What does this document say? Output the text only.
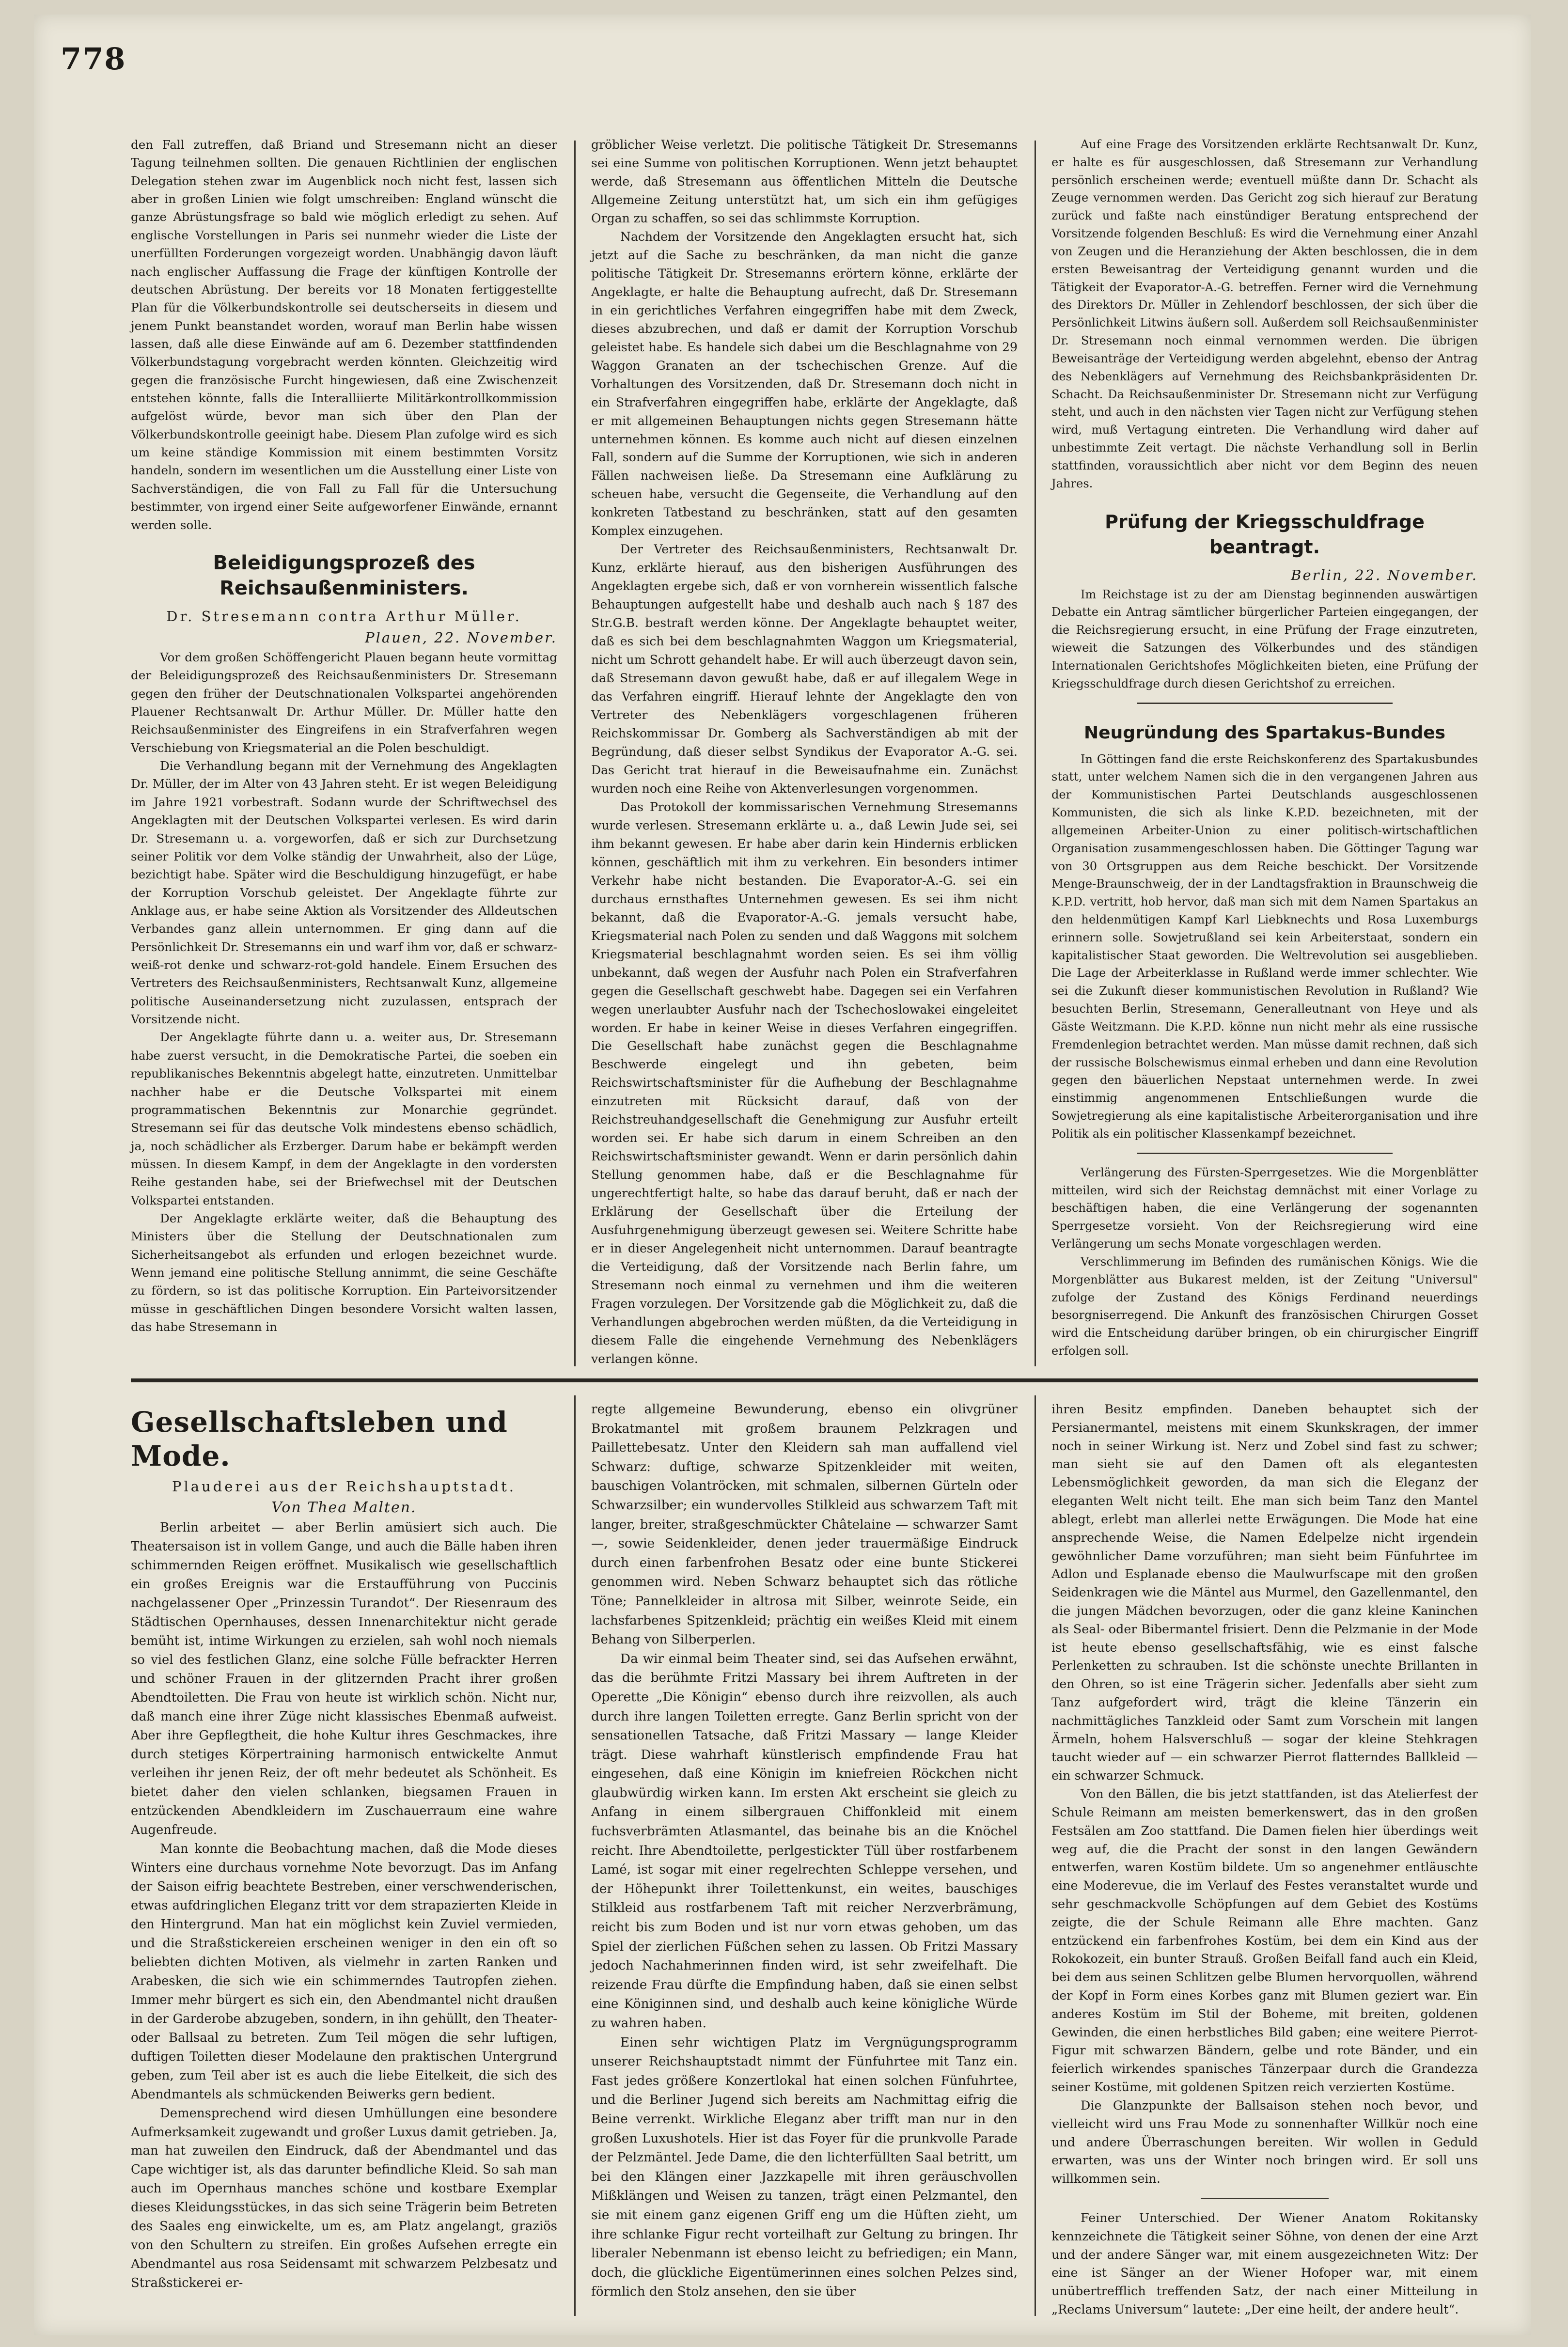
778

den Fall zutreffen, daß Briand und Stresemann nicht an dieser Tagung teilnehmen sollten. Die genauen Richtlinien der englischen Delegation stehen zwar im Augenblick noch nicht fest, lassen sich aber in großen Linien wie folgt umschreiben: England wünscht die ganze Abrüstungsfrage so bald wie möglich erledigt zu sehen. Auf englische Vorstellungen in Paris sei nunmehr wieder die Liste der unerfüllten Forderungen vorgezeigt worden. Unabhängig davon läuft nach englischer Auffassung die Frage der künftigen Kontrolle der deutschen Abrüstung. Der bereits vor 18 Monaten fertiggestellte Plan für die Völkerbundskontrolle sei deutscherseits in diesem und jenem Punkt beanstandet worden, worauf man Berlin habe wissen lassen, daß alle diese Einwände auf am 6. Dezember stattfindenden Völkerbundstagung vorgebracht werden könnten. Gleichzeitig wird gegen die französische Furcht hingewiesen, daß eine Zwischenzeit entstehen könnte, falls die Interalliierte Militärkontrollkommission aufgelöst würde, bevor man sich über den Plan der Völkerbundskontrolle geeinigt habe. Diesem Plan zufolge wird es sich um keine ständige Kommission mit einem bestimmten Vorsitz handeln, sondern im wesentlichen um die Ausstellung einer Liste von Sachverständigen, die von Fall zu Fall für die Untersuchung bestimmter, von irgend einer Seite aufgeworfener Einwände, ernannt werden solle.

Beleidigungsprozeß des Reichsaußenministers.
Dr. Stresemann contra Arthur Müller.
Plauen, 22. November.

Vor dem großen Schöffengericht Plauen begann heute vormittag der Beleidigungsprozeß des Reichsaußenministers Dr. Stresemann gegen den früher der Deutschnationalen Volkspartei angehörenden Plauener Rechtsanwalt Dr. Arthur Müller. Dr. Müller hatte den Reichsaußenminister des Eingreifens in ein Strafverfahren wegen Verschiebung von Kriegsmaterial an die Polen beschuldigt.

Die Verhandlung begann mit der Vernehmung des Angeklagten Dr. Müller, der im Alter von 43 Jahren steht. Er ist wegen Beleidigung im Jahre 1921 vorbestraft. Sodann wurde der Schriftwechsel des Angeklagten mit der Deutschen Volkspartei verlesen. Es wird darin Dr. Stresemann u. a. vorgeworfen, daß er sich zur Durchsetzung seiner Politik vor dem Volke ständig der Unwahrheit, also der Lüge, bezichtigt habe. Später wird die Beschuldigung hinzugefügt, er habe der Korruption Vorschub geleistet. Der Angeklagte führte zur Anklage aus, er habe seine Aktion als Vorsitzender des Alldeutschen Verbandes ganz allein unternommen. Er ging dann auf die Persönlichkeit Dr. Stresemanns ein und warf ihm vor, daß er schwarz-weiß-rot denke und schwarz-rot-gold handele. Einem Ersuchen des Vertreters des Reichsaußenministers, Rechtsanwalt Kunz, allgemeine politische Auseinandersetzung nicht zuzulassen, entsprach der Vorsitzende nicht.

Der Angeklagte führte dann u. a. weiter aus, Dr. Stresemann habe zuerst versucht, in die Demokratische Partei, die soeben ein republikanisches Bekenntnis abgelegt hatte, einzutreten. Unmittelbar nachher habe er die Deutsche Volkspartei mit einem programmatischen Bekenntnis zur Monarchie gegründet. Stresemann sei für das deutsche Volk mindestens ebenso schädlich, ja, noch schädlicher als Erzberger. Darum habe er bekämpft werden müssen. In diesem Kampf, in dem der Angeklagte in den vordersten Reihe gestanden habe, sei der Briefwechsel mit der Deutschen Volkspartei entstanden.

Der Angeklagte erklärte weiter, daß die Behauptung des Ministers über die Stellung der Deutschnationalen zum Sicherheitsangebot als erfunden und erlogen bezeichnet wurde. Wenn jemand eine politische Stellung annimmt, die seine Geschäfte zu fördern, so ist das politische Korruption. Ein Parteivorsitzender müsse in geschäftlichen Dingen besondere Vorsicht walten lassen, das habe Stresemann in

gröblicher Weise verletzt. Die politische Tätigkeit Dr. Stresemanns sei eine Summe von politischen Korruptionen. Wenn jetzt behauptet werde, daß Stresemann aus öffentlichen Mitteln die Deutsche Allgemeine Zeitung unterstützt hat, um sich ein ihm gefügiges Organ zu schaffen, so sei das schlimmste Korruption.

Nachdem der Vorsitzende den Angeklagten ersucht hat, sich jetzt auf die Sache zu beschränken, da man nicht die ganze politische Tätigkeit Dr. Stresemanns erörtern könne, erklärte der Angeklagte, er halte die Behauptung aufrecht, daß Dr. Stresemann in ein gerichtliches Verfahren eingegriffen habe mit dem Zweck, dieses abzubrechen, und daß er damit der Korruption Vorschub geleistet habe. Es handele sich dabei um die Beschlagnahme von 29 Waggon Granaten an der tschechischen Grenze. Auf die Vorhaltungen des Vorsitzenden, daß Dr. Stresemann doch nicht in ein Strafverfahren eingegriffen habe, erklärte der Angeklagte, daß er mit allgemeinen Behauptungen nichts gegen Stresemann hätte unternehmen können. Es komme auch nicht auf diesen einzelnen Fall, sondern auf die Summe der Korruptionen, wie sich in anderen Fällen nachweisen ließe. Da Stresemann eine Aufklärung zu scheuen habe, versucht die Gegenseite, die Verhandlung auf den konkreten Tatbestand zu beschränken, statt auf den gesamten Komplex einzugehen.

Der Vertreter des Reichsaußenministers, Rechtsanwalt Dr. Kunz, erklärte hierauf, aus den bisherigen Ausführungen des Angeklagten ergebe sich, daß er von vornherein wissentlich falsche Behauptungen aufgestellt habe und deshalb auch nach § 187 des Str.G.B. bestraft werden könne. Der Angeklagte behauptet weiter, daß es sich bei dem beschlagnahmten Waggon um Kriegsmaterial, nicht um Schrott gehandelt habe. Er will auch überzeugt davon sein, daß Stresemann davon gewußt habe, daß er auf illegalem Wege in das Verfahren eingriff. Hierauf lehnte der Angeklagte den von Vertreter des Nebenklägers vorgeschlagenen früheren Reichskommissar Dr. Gomberg als Sachverständigen ab mit der Begründung, daß dieser selbst Syndikus der Evaporator A.-G. sei. Das Gericht trat hierauf in die Beweisaufnahme ein. Zunächst wurden noch eine Reihe von Aktenverlesungen vorgenommen.

Das Protokoll der kommissarischen Vernehmung Stresemanns wurde verlesen. Stresemann erklärte u. a., daß Lewin Jude sei, sei ihm bekannt gewesen. Er habe aber darin kein Hindernis erblicken können, geschäftlich mit ihm zu verkehren. Ein besonders intimer Verkehr habe nicht bestanden. Die Evaporator-A.-G. sei ein durchaus ernsthaftes Unternehmen gewesen. Es sei ihm nicht bekannt, daß die Evaporator-A.-G. jemals versucht habe, Kriegsmaterial nach Polen zu senden und daß Waggons mit solchem Kriegsmaterial beschlagnahmt worden seien. Es sei ihm völlig unbekannt, daß wegen der Ausfuhr nach Polen ein Strafverfahren gegen die Gesellschaft geschwebt habe. Dagegen sei ein Verfahren wegen unerlaubter Ausfuhr nach der Tschechoslowakei eingeleitet worden. Er habe in keiner Weise in dieses Verfahren eingegriffen. Die Gesellschaft habe zunächst gegen die Beschlagnahme Beschwerde eingelegt und ihn gebeten, beim Reichswirtschaftsminister für die Aufhebung der Beschlagnahme einzutreten mit Rücksicht darauf, daß von der Reichstreuhandgesellschaft die Genehmigung zur Ausfuhr erteilt worden sei. Er habe sich darum in einem Schreiben an den Reichswirtschaftsminister gewandt. Wenn er darin persönlich dahin Stellung genommen habe, daß er die Beschlagnahme für ungerechtfertigt halte, so habe das darauf beruht, daß er nach der Erklärung der Gesellschaft über die Erteilung der Ausfuhrgenehmigung überzeugt gewesen sei. Weitere Schritte habe er in dieser Angelegenheit nicht unternommen. Darauf beantragte die Verteidigung, daß der Vorsitzende nach Berlin fahre, um Stresemann noch einmal zu vernehmen und ihm die weiteren Fragen vorzulegen. Der Vorsitzende gab die Möglichkeit zu, daß die Verhandlungen abgebrochen werden müßten, da die Verteidigung in diesem Falle die eingehende Vernehmung des Nebenklägers verlangen könne.

Auf eine Frage des Vorsitzenden erklärte Rechtsanwalt Dr. Kunz, er halte es für ausgeschlossen, daß Stresemann zur Verhandlung persönlich erscheinen werde; eventuell müßte dann Dr. Schacht als Zeuge vernommen werden. Das Gericht zog sich hierauf zur Beratung zurück und faßte nach einstündiger Beratung entsprechend der Vorsitzende folgenden Beschluß: Es wird die Vernehmung einer Anzahl von Zeugen und die Heranziehung der Akten beschlossen, die in dem ersten Beweisantrag der Verteidigung genannt wurden und die Tätigkeit der Evaporator-A.-G. betreffen. Ferner wird die Vernehmung des Direktors Dr. Müller in Zehlendorf beschlossen, der sich über die Persönlichkeit Litwins äußern soll. Außerdem soll Reichsaußenminister Dr. Stresemann noch einmal vernommen werden. Die übrigen Beweisanträge der Verteidigung werden abgelehnt, ebenso der Antrag des Nebenklägers auf Vernehmung des Reichsbankpräsidenten Dr. Schacht. Da Reichsaußenminister Dr. Stresemann nicht zur Verfügung steht, und auch in den nächsten vier Tagen nicht zur Verfügung stehen wird, muß Vertagung eintreten. Die Verhandlung wird daher auf unbestimmte Zeit vertagt. Die nächste Verhandlung soll in Berlin stattfinden, voraussichtlich aber nicht vor dem Beginn des neuen Jahres.

Prüfung der Kriegsschuldfrage beantragt.
Berlin, 22. November.

Im Reichstage ist zu der am Dienstag beginnenden auswärtigen Debatte ein Antrag sämtlicher bürgerlicher Parteien eingegangen, der die Reichsregierung ersucht, in eine Prüfung der Frage einzutreten, wieweit die Satzungen des Völkerbundes und des ständigen Internationalen Gerichtshofes Möglichkeiten bieten, eine Prüfung der Kriegsschuldfrage durch diesen Gerichtshof zu erreichen.

Neugründung des Spartakus-Bundes

In Göttingen fand die erste Reichskonferenz des Spartakusbundes statt, unter welchem Namen sich die in den vergangenen Jahren aus der Kommunistischen Partei Deutschlands ausgeschlossenen Kommunisten, die sich als linke K.P.D. bezeichneten, mit der allgemeinen Arbeiter-Union zu einer politisch-wirtschaftlichen Organisation zusammengeschlossen haben. Die Göttinger Tagung war von 30 Ortsgruppen aus dem Reiche beschickt. Der Vorsitzende Menge-Braunschweig, der in der Landtagsfraktion in Braunschweig die K.P.D. vertritt, hob hervor, daß man sich mit dem Namen Spartakus an den heldenmütigen Kampf Karl Liebknechts und Rosa Luxemburgs erinnern solle. Sowjetrußland sei kein Arbeiterstaat, sondern ein kapitalistischer Staat geworden. Die Weltrevolution sei ausgeblieben. Die Lage der Arbeiterklasse in Rußland werde immer schlechter. Wie sei die Zukunft dieser kommunistischen Revolution in Rußland? Wie besuchten Berlin, Stresemann, Generalleutnant von Heye und als Gäste Weitzmann. Die K.P.D. könne nun nicht mehr als eine russische Fremdenlegion betrachtet werden. Man müsse damit rechnen, daß sich der russische Bolschewismus einmal erheben und dann eine Revolution gegen den bäuerlichen Nepstaat unternehmen werde. In zwei einstimmig angenommenen Entschließungen wurde die Sowjetregierung als eine kapitalistische Arbeiterorganisation und ihre Politik als ein politischer Klassenkampf bezeichnet.

Verlängerung des Fürsten-Sperrgesetzes. Wie die Morgenblätter mitteilen, wird sich der Reichstag demnächst mit einer Vorlage zu beschäftigen haben, die eine Verlängerung der sogenannten Sperrgesetze vorsieht. Von der Reichsregierung wird eine Verlängerung um sechs Monate vorgeschlagen werden.

Verschlimmerung im Befinden des rumänischen Königs. Wie die Morgenblätter aus Bukarest melden, ist der Zeitung "Universul" zufolge der Zustand des Königs Ferdinand neuerdings besorgniserregend. Die Ankunft des französischen Chirurgen Gosset wird die Entscheidung darüber bringen, ob ein chirurgischer Eingriff erfolgen soll.

Gesellschaftsleben und Mode.
Plauderei aus der Reichshauptstadt.
Von Thea Malten.

Berlin arbeitet — aber Berlin amüsiert sich auch. Die Theatersaison ist in vollem Gange, und auch die Bälle haben ihren schimmernden Reigen eröffnet. Musikalisch wie gesellschaftlich ein großes Ereignis war die Erstaufführung von Puccinis nachgelassener Oper „Prinzessin Turandot“. Der Riesenraum des Städtischen Opernhauses, dessen Innenarchitektur nicht gerade bemüht ist, intime Wirkungen zu erzielen, sah wohl noch niemals so viel des festlichen Glanz, eine solche Fülle befrackter Herren und schöner Frauen in der glitzernden Pracht ihrer großen Abendtoiletten. Die Frau von heute ist wirklich schön. Nicht nur, daß manch eine ihrer Züge nicht klassisches Ebenmaß aufweist. Aber ihre Gepflegtheit, die hohe Kultur ihres Geschmackes, ihre durch stetiges Körpertraining harmonisch entwickelte Anmut verleihen ihr jenen Reiz, der oft mehr bedeutet als Schönheit. Es bietet daher den vielen schlanken, biegsamen Frauen in entzückenden Abendkleidern im Zuschauerraum eine wahre Augenfreude.

Man konnte die Beobachtung machen, daß die Mode dieses Winters eine durchaus vornehme Note bevorzugt. Das im Anfang der Saison eifrig beachtete Bestreben, einer verschwenderischen, etwas aufdringlichen Eleganz tritt vor dem strapazierten Kleide in den Hintergrund. Man hat ein möglichst kein Zuviel vermieden, und die Straßstickereien erscheinen weniger in den ein oft so beliebten dichten Motiven, als vielmehr in zarten Ranken und Arabesken, die sich wie ein schimmerndes Tautropfen ziehen. Immer mehr bürgert es sich ein, den Abendmantel nicht draußen in der Garderobe abzugeben, sondern, in ihn gehüllt, den Theater- oder Ballsaal zu betreten. Zum Teil mögen die sehr luftigen, duftigen Toiletten dieser Modelaune den praktischen Untergrund geben, zum Teil aber ist es auch die liebe Eitelkeit, die sich des Abendmantels als schmückenden Beiwerks gern bedient.

Demensprechend wird diesen Umhüllungen eine besondere Aufmerksamkeit zugewandt und großer Luxus damit getrieben. Ja, man hat zuweilen den Eindruck, daß der Abendmantel und das Cape wichtiger ist, als das darunter befindliche Kleid. So sah man auch im Opernhaus manches schöne und kostbare Exemplar dieses Kleidungsstückes, in das sich seine Trägerin beim Betreten des Saales eng einwickelte, um es, am Platz angelangt, graziös von den Schultern zu streifen. Ein großes Aufsehen erregte ein Abendmantel aus rosa Seidensamt mit schwarzem Pelzbesatz und Straßstickerei er-

regte allgemeine Bewunderung, ebenso ein olivgrüner Brokatmantel mit großem braunem Pelzkragen und Paillettebesatz. Unter den Kleidern sah man auffallend viel Schwarz: duftige, schwarze Spitzenkleider mit weiten, bauschigen Volantröcken, mit schmalen, silbernen Gürteln oder Schwarzsilber; ein wundervolles Stilkleid aus schwarzem Taft mit langer, breiter, straßgeschmückter Châtelaine — schwarzer Samt —, sowie Seidenkleider, denen jeder trauermäßige Eindruck durch einen farbenfrohen Besatz oder eine bunte Stickerei genommen wird. Neben Schwarz behauptet sich das rötliche Töne; Pannelkleider in altrosa mit Silber, weinrote Seide, ein lachsfarbenes Spitzenkleid; prächtig ein weißes Kleid mit einem Behang von Silberperlen.

Da wir einmal beim Theater sind, sei das Aufsehen erwähnt, das die berühmte Fritzi Massary bei ihrem Auftreten in der Operette „Die Königin“ ebenso durch ihre reizvollen, als auch durch ihre langen Toiletten erregte. Ganz Berlin spricht von der sensationellen Tatsache, daß Fritzi Massary — lange Kleider trägt. Diese wahrhaft künstlerisch empfindende Frau hat eingesehen, daß eine Königin im kniefreien Röckchen nicht glaubwürdig wirken kann. Im ersten Akt erscheint sie gleich zu Anfang in einem silbergrauen Chiffonkleid mit einem fuchsverbrämten Atlasmantel, das beinahe bis an die Knöchel reicht. Ihre Abendtoilette, perlgestickter Tüll über rostfarbenem Lamé, ist sogar mit einer regelrechten Schleppe versehen, und der Höhepunkt ihrer Toilettenkunst, ein weites, bauschiges Stilkleid aus rostfarbenem Taft mit reicher Nerzverbrämung, reicht bis zum Boden und ist nur vorn etwas gehoben, um das Spiel der zierlichen Füßchen sehen zu lassen. Ob Fritzi Massary jedoch Nachahmerinnen finden wird, ist sehr zweifelhaft. Die reizende Frau dürfte die Empfindung haben, daß sie einen selbst eine Königinnen sind, und deshalb auch keine königliche Würde zu wahren haben.

Einen sehr wichtigen Platz im Vergnügungsprogramm unserer Reichshauptstadt nimmt der Fünfuhrtee mit Tanz ein. Fast jedes größere Konzertlokal hat einen solchen Fünfuhrtee, und die Berliner Jugend sich bereits am Nachmittag eifrig die Beine verrenkt. Wirkliche Eleganz aber trifft man nur in den großen Luxushotels. Hier ist das Foyer für die prunkvolle Parade der Pelzmäntel. Jede Dame, die den lichterfüllten Saal betritt, um bei den Klängen einer Jazzkapelle mit ihren geräuschvollen Mißklängen und Weisen zu tanzen, trägt einen Pelzmantel, den sie mit einem ganz eigenen Griff eng um die Hüften zieht, um ihre schlanke Figur recht vorteilhaft zur Geltung zu bringen. Ihr liberaler Nebenmann ist ebenso leicht zu befriedigen; ein Mann, doch, die glückliche Eigentümerinnen eines solchen Pelzes sind, förmlich den Stolz ansehen, den sie über

ihren Besitz empfinden. Daneben behauptet sich der Persianermantel, meistens mit einem Skunkskragen, der immer noch in seiner Wirkung ist. Nerz und Zobel sind fast zu schwer; man sieht sie auf den Damen oft als elegantesten Lebensmöglichkeit geworden, da man sich die Eleganz der eleganten Welt nicht teilt. Ehe man sich beim Tanz den Mantel ablegt, erlebt man allerlei nette Erwägungen. Die Mode hat eine ansprechende Weise, die Namen Edelpelze nicht irgendein gewöhnlicher Dame vorzuführen; man sieht beim Fünfuhrtee im Adlon und Esplanade ebenso die Maulwurfscape mit den großen Seidenkragen wie die Mäntel aus Murmel, den Gazellenmantel, den die jungen Mädchen bevorzugen, oder die ganz kleine Kaninchen als Seal- oder Bibermantel frisiert. Denn die Pelzmanie in der Mode ist heute ebenso gesellschaftsfähig, wie es einst falsche Perlenketten zu schrauben. Ist die schönste unechte Brillanten in den Ohren, so ist eine Trägerin sicher. Jedenfalls aber sieht zum Tanz aufgefordert wird, trägt die kleine Tänzerin ein nachmittägliches Tanzkleid oder Samt zum Vorschein mit langen Ärmeln, hohem Halsverschluß — sogar der kleine Stehkragen taucht wieder auf — ein schwarzer Pierrot flatterndes Ballkleid — ein schwarzer Schmuck.

Von den Bällen, die bis jetzt stattfanden, ist das Atelierfest der Schule Reimann am meisten bemerkenswert, das in den großen Festsälen am Zoo stattfand. Die Damen fielen hier überdings weit weg auf, die die Pracht der sonst in den langen Gewändern entwerfen, waren Kostüm bildete. Um so angenehmer entläuschte eine Moderevue, die im Verlauf des Festes veranstaltet wurde und sehr geschmackvolle Schöpfungen auf dem Gebiet des Kostüms zeigte, die der Schule Reimann alle Ehre machten. Ganz entzückend ein farbenfrohes Kostüm, bei dem ein Kind aus der Rokokozeit, ein bunter Strauß. Großen Beifall fand auch ein Kleid, bei dem aus seinen Schlitzen gelbe Blumen hervorquollen, während der Kopf in Form eines Korbes ganz mit Blumen geziert war. Ein anderes Kostüm im Stil der Boheme, mit breiten, goldenen Gewinden, die einen herbstliches Bild gaben; eine weitere Pierrot-Figur mit schwarzen Bändern, gelbe und rote Bänder, und ein feierlich wirkendes spanisches Tänzerpaar durch die Grandezza seiner Kostüme, mit goldenen Spitzen reich verzierten Kostüme.

Die Glanzpunkte der Ballsaison stehen noch bevor, und vielleicht wird uns Frau Mode zu sonnenhafter Willkür noch eine und andere Überraschungen bereiten. Wir wollen in Geduld erwarten, was uns der Winter noch bringen wird. Er soll uns willkommen sein.

Feiner Unterschied. Der Wiener Anatom Rokitansky kennzeichnete die Tätigkeit seiner Söhne, von denen der eine Arzt und der andere Sänger war, mit einem ausgezeichneten Witz: Der eine ist Sänger an der Wiener Hofoper war, mit einem unübertrefflich treffenden Satz, der nach einer Mitteilung in „Reclams Universum“ lautete: „Der eine heilt, der andere heult“.
